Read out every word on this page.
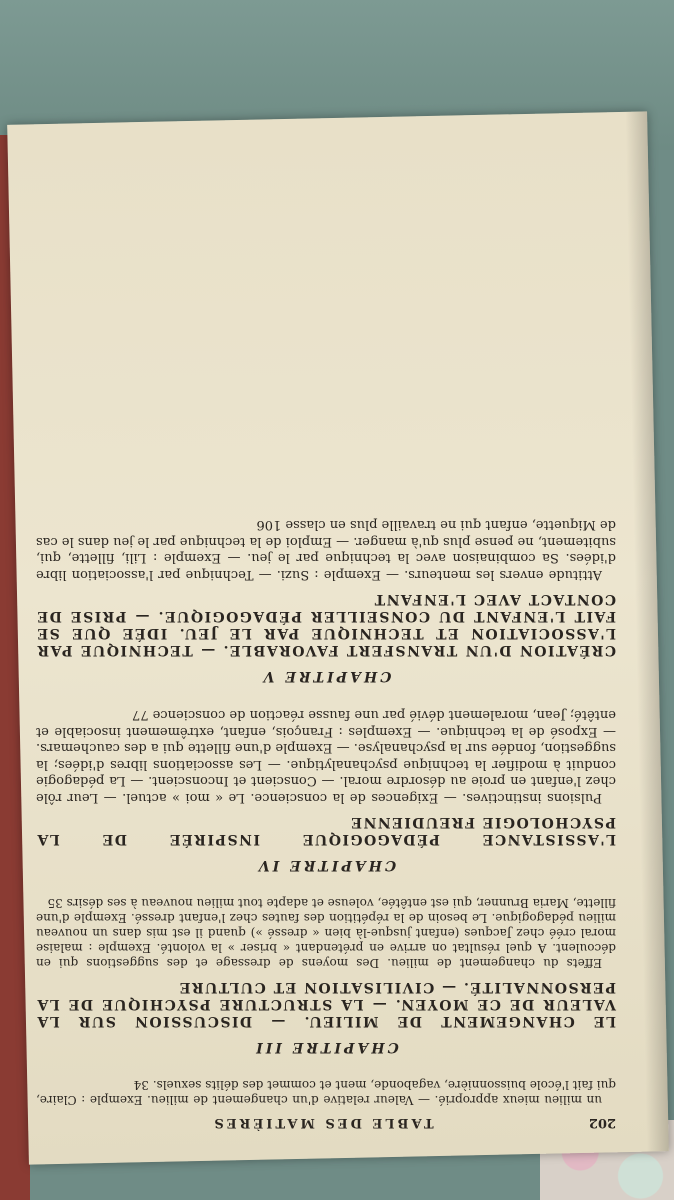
202
TABLE DES MATIÈRES
un milieu mieux approprié. — Valeur relative d'un changement de milieu. Exemple : Claire, qui fait l'école buissonnière, vagabonde, ment et commet des délits sexuels. 34
CHAPITRE III

LE CHANGEMENT DE MILIEU. — DISCUSSION SUR LA VALEUR DE CE MOYEN. — LA STRUCTURE PSYCHIQUE DE LA PERSONNALITÉ. — CIVILISATION ET CULTURE

Effets du changement de milieu. Des moyens de dressage et des suggestions qui en découlent. A quel résultat on arrive en prétendant « briser » la volonté. Exemple : malaise moral créé chez Jacques (enfant jusque-là bien « dressé ») quand il est mis dans un nouveau milieu pédagogique. Le besoin de la répétition des fautes chez l'enfant dressé. Exemple d'une fillette, Maria Brunner, qui est entêtée, voleuse et adapte tout milieu nouveau à ses désirs 35

CHAPITRE IV

L'ASSISTANCE PÉDAGOGIQUE INSPIRÉE DE LA PSYCHOLOGIE FREUDIENNE

Pulsions instinctives. — Exigences de la conscience. Le « moi » actuel. — Leur rôle chez l'enfant en proie au désordre moral. — Conscient et Inconscient. — La pédagogie conduit à modifier la technique psychanalytique. — Les associations libres d'idées; la suggestion, fondée sur la psychanalyse. — Exemple d'une fillette qui a des cauchemars. — Exposé de la technique. — Exemples : François, enfant, extrêmement insociable et entêté; Jean, moralement dévié par une fausse réaction de conscience 77

CHAPITRE V

CRÉATION D'UN TRANSFERT FAVORABLE. — TECHNIQUE PAR L'ASSOCIATION ET TECHNIQUE PAR LE JEU. IDÉE QUE SE FAIT L'ENFANT DU CONSEILLER PÉDAGOGIQUE. — PRISE DE CONTACT AVEC L'ENFANT

Attitude envers les menteurs. — Exemple : Suzi. — Technique par l'association libre d'idées. Sa combinaison avec la technique par le jeu. — Exemple : Lili, fillette, qui, subitement, ne pense plus qu'à manger. — Emploi de la technique par le jeu dans le cas de Miquette, enfant qui ne travaille plus en classe 106
